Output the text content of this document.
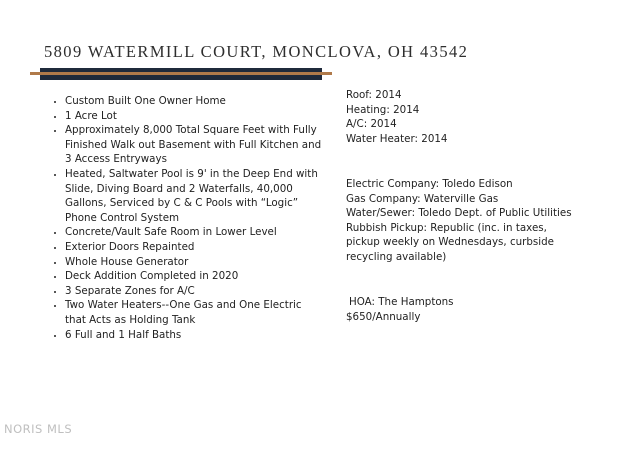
5809 WATERMILL COURT, MONCLOVA, OH 43542
• Custom Built One Owner Home
• 1 Acre Lot
• Approximately 8,000 Total Square Feet with Fully Finished Walk out Basement with Full Kitchen and 3 Access Entryways
• Heated, Saltwater Pool is 9' in the Deep End with Slide, Diving Board and 2 Waterfalls, 40,000 Gallons, Serviced by C & C Pools with “Logic” Phone Control System
• Concrete/Vault Safe Room in Lower Level
• Exterior Doors Repainted
• Whole House Generator
• Deck Addition Completed in 2020
• 3 Separate Zones for A/C
• Two Water Heaters--One Gas and One Electric that Acts as Holding Tank
• 6 Full and 1 Half Baths
Roof: 2014
Heating: 2014
A/C: 2014
Water Heater: 2014
Electric Company: Toledo Edison
Gas Company: Waterville Gas
Water/Sewer: Toledo Dept. of Public Utilities
Rubbish Pickup: Republic (inc. in taxes, pickup weekly on Wednesdays, curbside recycling available)
HOA: The Hamptons
$650/Annually
NORIS MLS
